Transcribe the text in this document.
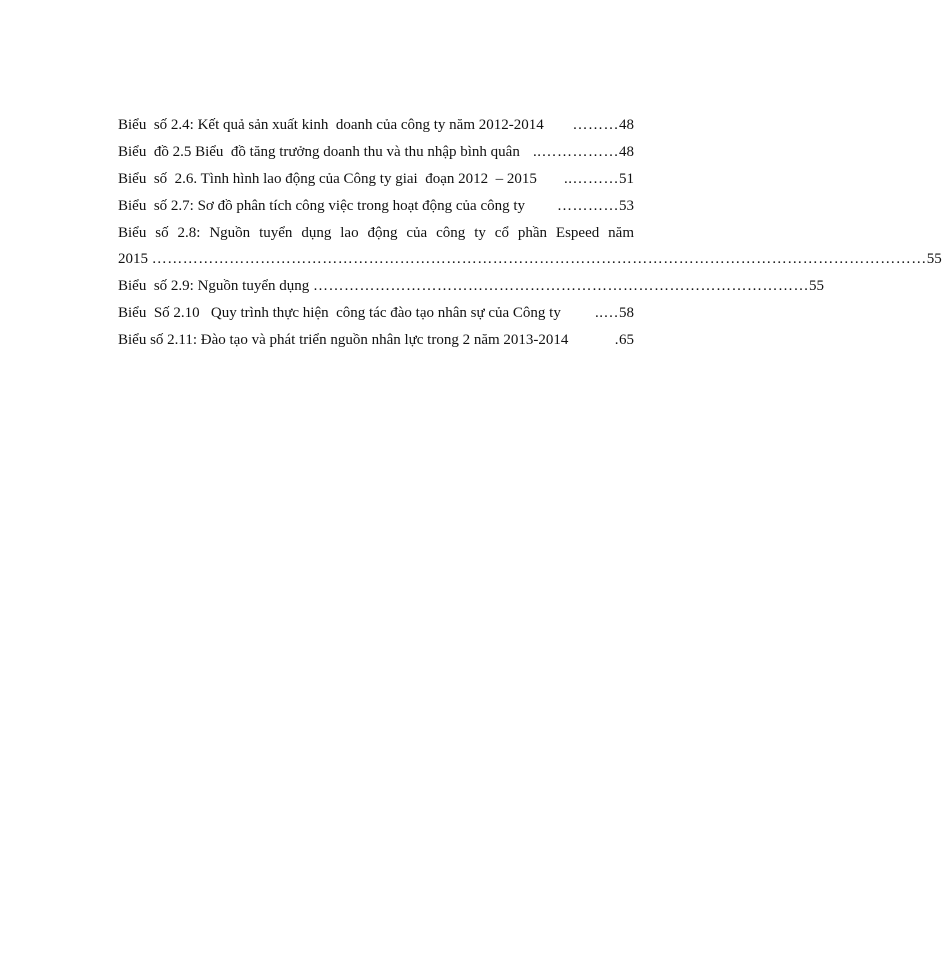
Biểu  số 2.4: Kết quả sản xuất kinh  doanh của công ty năm 2012-2014	……… 48
Biểu  đồ 2.5 Biểu  đồ tăng trưởng doanh thu và thu nhập bình quân …………….. 48
Biểu  số  2.6. Tình hình lao động của Công ty giai  đoạn 2012  – 2015	……….. 51
Biểu  số 2.7: Sơ đồ phân tích công việc trong hoạt động của công ty	………… 53
Biểu số 2.8: Nguồn tuyển dụng lao động của công ty cổ phần Espeed năm
2015 …………………………………………………………………………………………………………………………………… 55
Biểu  số 2.9: Nguồn tuyển dụng …………………………………………………………………………………… 55
Biểu  Số 2.10   Quy trình thực hiện  công tác đào tạo nhân sự của Công ty	….. 58
Biểu số 2.11: Đào tạo và phát triển nguồn nhân lực trong 2 năm 2013-2014	. 65
